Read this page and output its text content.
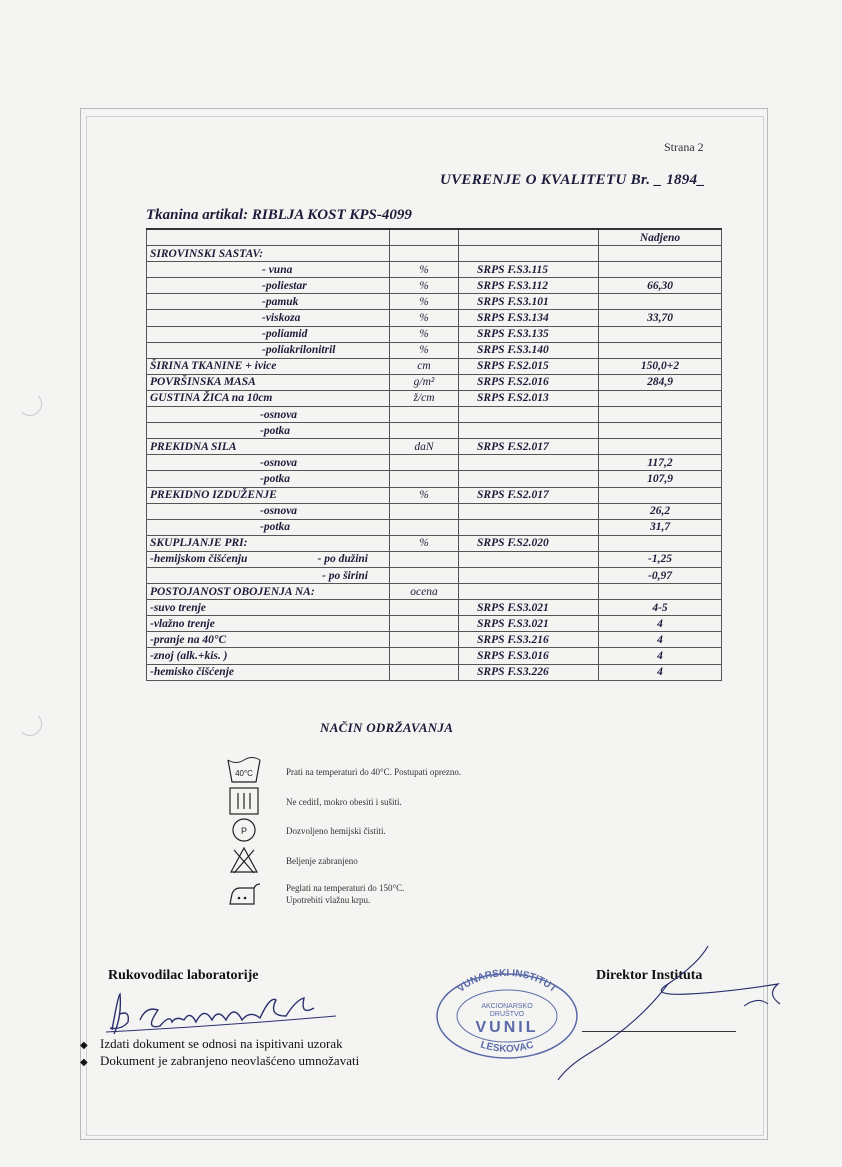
Strana 2
UVERENJE O KVALITETU Br. _ 1894_
Tkanina artikal: RIBLJA KOST KPS-4099
			Nadjeno
SIROVINSKI SASTAV:			
- vuna	%	SRPS F.S3.115	
-poliestar	%	SRPS F.S3.112	66,30
-pamuk	%	SRPS F.S3.101	
-viskoza	%	SRPS F.S3.134	33,70
-poliamid	%	SRPS F.S3.135	
-poliakrilonitril	%	SRPS F.S3.140	
ŠIRINA TKANINE + ivice	cm	SRPS F.S2.015	150,0+2
POVRŠINSKA MASA	g/m²	SRPS F.S2.016	284,9
GUSTINA ŽICA na 10cm	ž/cm	SRPS F.S2.013	
-osnova			
-potka			
PREKIDNA SILA	daN	SRPS F.S2.017	
-osnova			117,2
-potka			107,9
PREKIDNO IZDUŽENJE	%	SRPS F.S2.017	
-osnova			26,2
-potka			31,7
SKUPLJANJE PRI:	%	SRPS F.S2.020	

-hemijskom čišćenju - po dužini			-1,25

- po širini			-0,97
POSTOJANOST OBOJENJA NA:	ocena		
-suvo trenje		SRPS F.S3.021	4-5
-vlažno trenje		SRPS F.S3.021	4
-pranje na 40°C		SRPS F.S3.216	4
-znoj (alk.+kis. )		SRPS F.S3.016	4
-hemisko čišćenje		SRPS F.S3.226	4
NAČIN ODRŽAVANJA
40°C	Prati na temperaturi do 40°C. Postupati oprezno.
Ne ceditI, mokro obesiti i sušiti.
P	Dozvoljeno hemijski čistiti.
Beljenje zabranjeno
Peglati na temperaturi do 150°C.
Upotrebiti vlažnu krpu.
Rukovodilac laboratorije	Direktor Instituta
VUNARSKI INSTITUT
AKCIONARSKO
DRUŠTVO
VUNIL
LESKOVAC
◆ Izdati dokument se odnosi na ispitivani uzorak
◆ Dokument je zabranjeno neovlašćeno umnožavati
